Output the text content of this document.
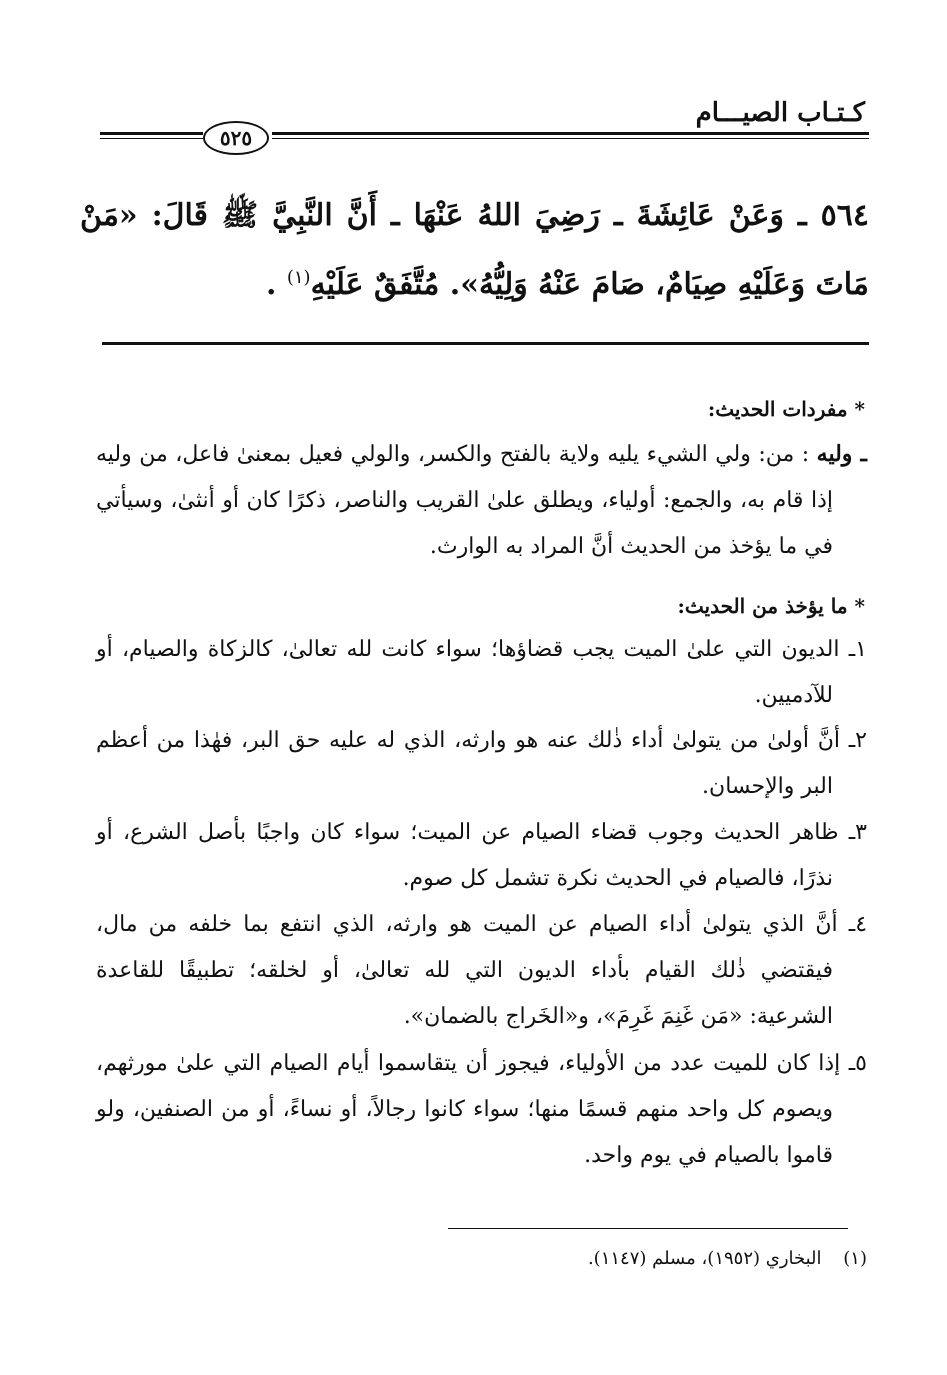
كـتـاب الصيـــام
٥٢٥
٥٦٤ ـ وَعَنْ عَائِشَةَ ـ رَضِيَ اللهُ عَنْهَا ـ أَنَّ النَّبِيَّ ﷺ قَالَ: «مَنْ مَاتَ وَعَلَيْهِ صِيَامٌ، صَامَ عَنْهُ وَلِيُّهُ». مُتَّفَقٌ عَلَيْهِ$^{(١)}$ .
* مفردات الحديث:
ـ وليه : من: ولي الشيء يليه ولاية بالفتح والكسر، والولي فعيل بمعنىٰ فاعل، من وليه إذا قام به، والجمع: أولياء، ويطلق علىٰ القريب والناصر، ذكرًا كان أو أنثىٰ، وسيأتي في ما يؤخذ من الحديث أنَّ المراد به الوارث.
* ما يؤخذ من الحديث:
١ـ الديون التي علىٰ الميت يجب قضاؤها؛ سواء كانت لله تعالىٰ، كالزكاة والصيام، أو للآدميين.
٢ـ أنَّ أولىٰ من يتولىٰ أداء ذٰلك عنه هو وارثه، الذي له عليه حق البر، فهٰذا من أعظم البر والإحسان.
٣ـ ظاهر الحديث وجوب قضاء الصيام عن الميت؛ سواء كان واجبًا بأصل الشرع، أو نذرًا، فالصيام في الحديث نكرة تشمل كل صوم.
٤ـ أنَّ الذي يتولىٰ أداء الصيام عن الميت هو وارثه، الذي انتفع بما خلفه من مال، فيقتضي ذٰلك القيام بأداء الديون التي لله تعالىٰ، أو لخلقه؛ تطبيقًا للقاعدة الشرعية: «مَن غَنِمَ غَرِمَ»، و«الخَراج بالضمان».
٥ـ إذا كان للميت عدد من الأولياء، فيجوز أن يتقاسموا أيام الصيام التي علىٰ مورثهم، ويصوم كل واحد منهم قسمًا منها؛ سواء كانوا رجالاً، أو نساءً، أو من الصنفين، ولو قاموا بالصيام في يوم واحد.
(١) البخاري (١٩٥٢)، مسلم (١١٤٧).
